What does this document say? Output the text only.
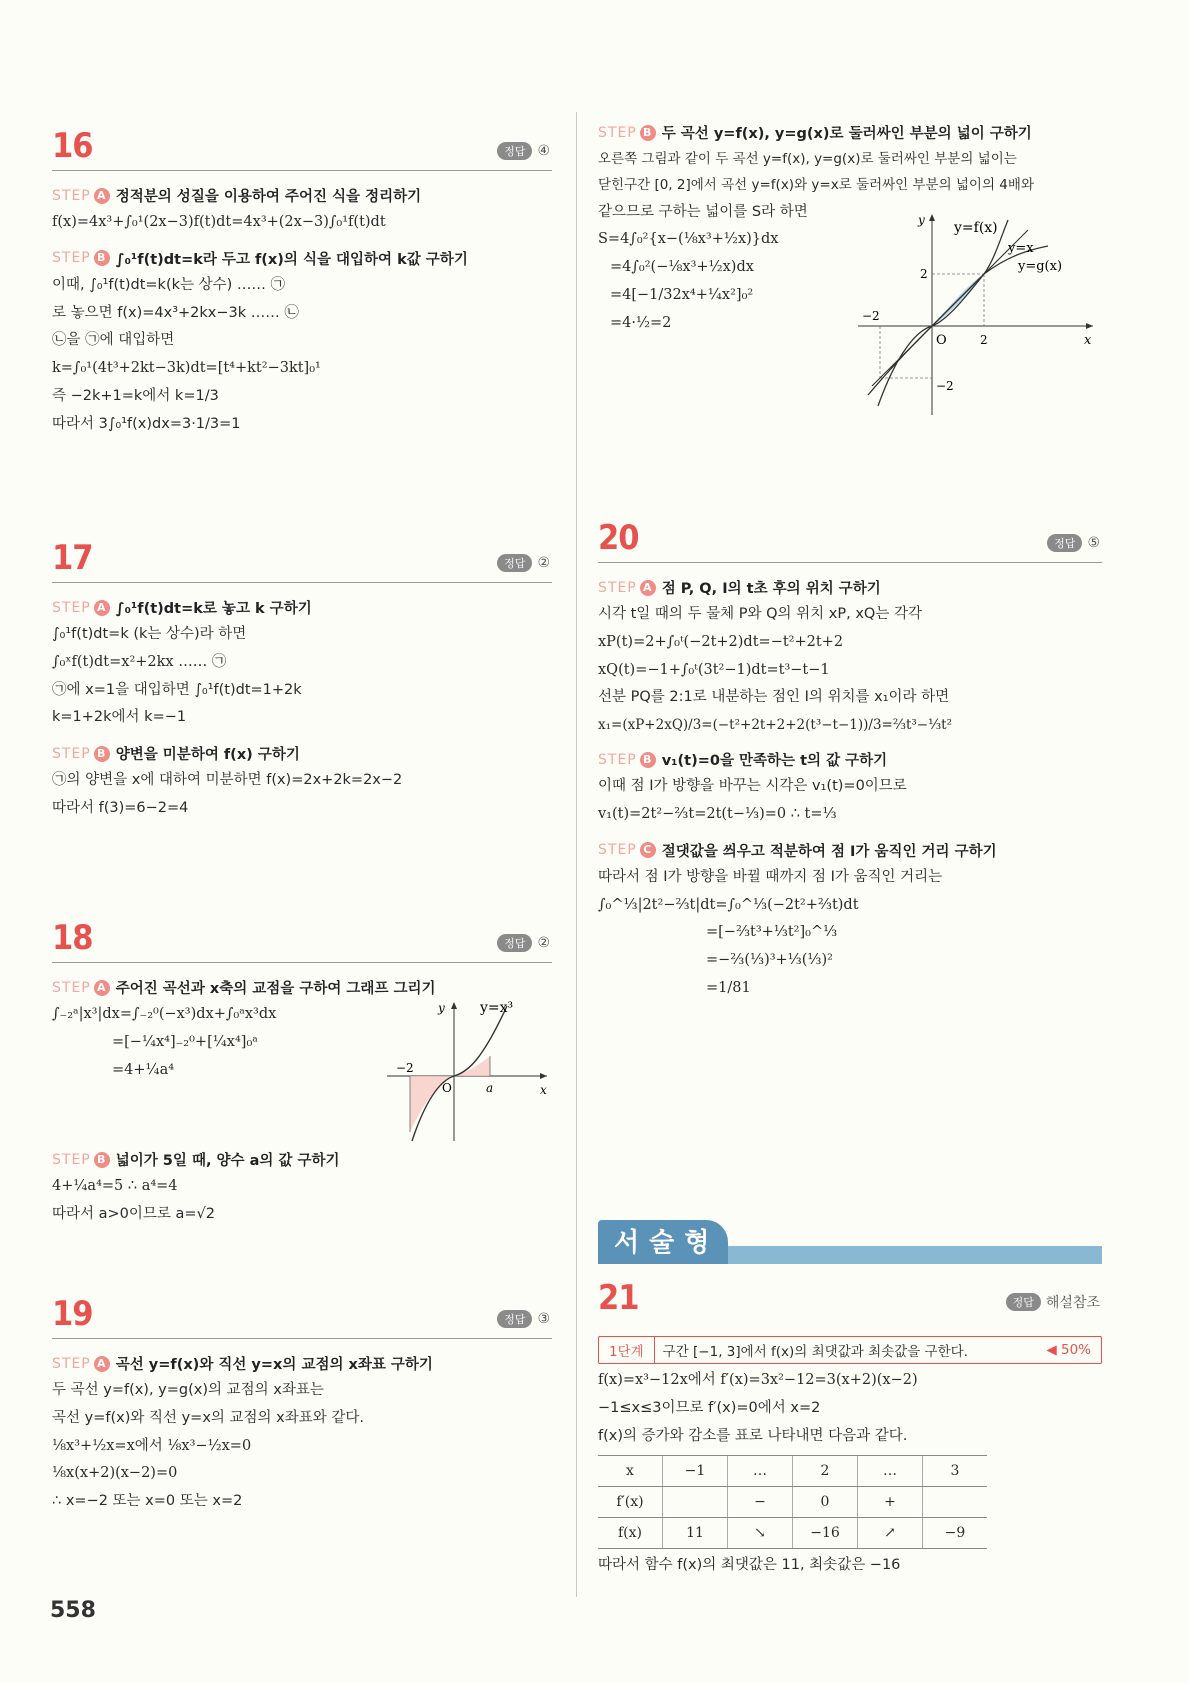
16	정답 ④
STEP A 정적분의 성질을 이용하여 주어진 식을 정리하기
f(x)=4x³+∫₀¹(2x−3)f(t)dt=4x³+(2x−3)∫₀¹f(t)dt
STEP B ∫₀¹f(t)dt=k라 두고 f(x)의 식을 대입하여 k값 구하기
이때, ∫₀¹f(t)dt=k(k는 상수) …… ㉠
로 놓으면 f(x)=4x³+2kx−3k …… ㉡
㉡을 ㉠에 대입하면
k=∫₀¹(4t³+2kt−3k)dt=[t⁴+kt²−3kt]₀¹
즉 −2k+1=k에서 k=1/3
따라서 3∫₀¹f(x)dx=3·1/3=1
17	정답 ②
STEP A ∫₀¹f(t)dt=k로 놓고 k 구하기
∫₀¹f(t)dt=k (k는 상수)라 하면
∫₀ˣf(t)dt=x²+2kx …… ㉠
㉠에 x=1을 대입하면 ∫₀¹f(t)dt=1+2k
k=1+2k에서 k=−1
STEP B 양변을 미분하여 f(x) 구하기
㉠의 양변을 x에 대하여 미분하면 f(x)=2x+2k=2x−2
따라서 f(3)=6−2=4
18	정답 ②
STEP A 주어진 곡선과 x축의 교점을 구하여 그래프 그리기
∫₋₂ᵃ|x³|dx=∫₋₂⁰(−x³)dx+∫₀ᵃx³dx
=[−¼x⁴]₋₂⁰+[¼x⁴]₀ᵃ
=4+¼a⁴
y=x³
y
x
O
−2
a
STEP B 넓이가 5일 때, 양수 a의 값 구하기
4+¼a⁴=5 ∴ a⁴=4
따라서 a>0이므로 a=√2
19	정답 ③
STEP A 곡선 y=f(x)와 직선 y=x의 교점의 x좌표 구하기
두 곡선 y=f(x), y=g(x)의 교점의 x좌표는
곡선 y=f(x)와 직선 y=x의 교점의 x좌표와 같다.
⅛x³+½x=x에서 ⅛x³−½x=0
⅛x(x+2)(x−2)=0
∴ x=−2 또는 x=0 또는 x=2
558
STEP B 두 곡선 y=f(x), y=g(x)로 둘러싸인 부분의 넓이 구하기
오른쪽 그림과 같이 두 곡선 y=f(x), y=g(x)로 둘러싸인 부분의 넓이는
닫힌구간 [0, 2]에서 곡선 y=f(x)와 y=x로 둘러싸인 부분의 넓이의 4배와
같으므로 구하는 넓이를 S라 하면
S=4∫₀²{x−(⅛x³+½x)}dx
=4∫₀²(−⅛x³+½x)dx
=4[−1/32x⁴+¼x²]₀²
=4·½=2
y=f(x)
y=x
y=g(x)
y
x
O	2
−2
2
−2
20	정답 ⑤
STEP A 점 P, Q, I의 t초 후의 위치 구하기
시각 t일 때의 두 물체 P와 Q의 위치 xP, xQ는 각각
xP(t)=2+∫₀ᵗ(−2t+2)dt=−t²+2t+2
xQ(t)=−1+∫₀ᵗ(3t²−1)dt=t³−t−1
선분 PQ를 2:1로 내분하는 점인 I의 위치를 x₁이라 하면
x₁=(xP+2xQ)/3=(−t²+2t+2+2(t³−t−1))/3=⅔t³−⅓t²
STEP B v₁(t)=0을 만족하는 t의 값 구하기
이때 점 I가 방향을 바꾸는 시각은 v₁(t)=0이므로
v₁(t)=2t²−⅔t=2t(t−⅓)=0 ∴ t=⅓
STEP C 절댓값을 씌우고 적분하여 점 I가 움직인 거리 구하기
따라서 점 I가 방향을 바뀔 때까지 점 I가 움직인 거리는
∫₀^⅓|2t²−⅔t|dt=∫₀^⅓(−2t²+⅔t)dt
=[−⅔t³+⅓t²]₀^⅓
=−⅔(⅓)³+⅓(⅓)²
=1/81
서술형
21	정답 해설참조
1단계	구간 [−1, 3]에서 f(x)의 최댓값과 최솟값을 구한다.	◀ 50%
f(x)=x³−12x에서 f′(x)=3x²−12=3(x+2)(x−2)
−1≤x≤3이므로 f′(x)=0에서 x=2
f(x)의 증가와 감소를 표로 나타내면 다음과 같다.
x	−1	…	2	…	3
f′(x)		−	0	+	
f(x)	11	↘	−16	↗	−9
따라서 함수 f(x)의 최댓값은 11, 최솟값은 −16
